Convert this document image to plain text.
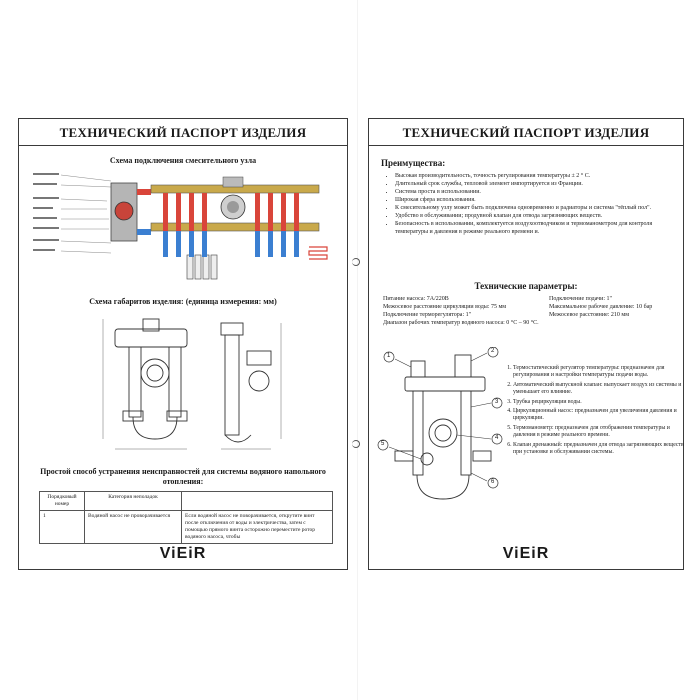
ТЕХНИЧЕСКИЙ ПАСПОРТ ИЗДЕЛИЯ
Схема подключения смесительного узла
Схема габаритов изделия: (единица измерения: мм)
Простой способ устранения неисправностей для системы водяного напольного отопления:
Порядковый номер	Категория неполадок	
1	Водяной насос не проворачивается	Если водяной насос не поворачивается, открутите винт после отключения от воды и электричества, затем с помощью прямого винта осторожно переместите ротор водяного насоса, чтобы
ViEiR
ТЕХНИЧЕСКИЙ ПАСПОРТ ИЗДЕЛИЯ
Преимущества:
• Высокая производительность, точность регулирования температуры ± 2 ° С.
• Длительный срок службы, тепловой элемент импортируется из Франции.
• Система проста в использовании.
• Широкая сфера использования.
• К смесительному узлу может быть подключена одновременно и радиаторы и система "тёплый пол".
• Удобство в обслуживании; продувной клапан для отвода загрязняющих веществ.
• Безопасность в использовании, комплектуется воздухоотводчиком и термоманометром для контроля температуры и давления в режиме реального времени и.
Технические параметры:
Питание насоса: 7А/220В
Межосевое расстояние циркуляции воды: 75 мм
Подключение терморегулятора: 1"
Диапазон рабочих температур водяного насоса: 0 °C – 90 °C.
Подключение подачи: 1"
Максимальное рабочее давление: 10 бар
Межосевое расстояние: 210 мм
1
2
3
4
5
6
1. Термостатический регулятор температуры: предназначен для регулирования и настройки температуры подачи воды.
2. Автоматический выпускной клапан: выпускает воздух из системы и уменьшает его влияние.
3. Трубка рециркуляции воды.
4. Циркуляционный насос: предназначен для увеличения давления и циркуляции.
5. Термоманометр: предназначен для отображения температуры и давления в режиме реального времени.
6. Клапан дренажный: предназначен для отвода загрязняющих веществ при установке и обслуживании системы.
ViEiR
